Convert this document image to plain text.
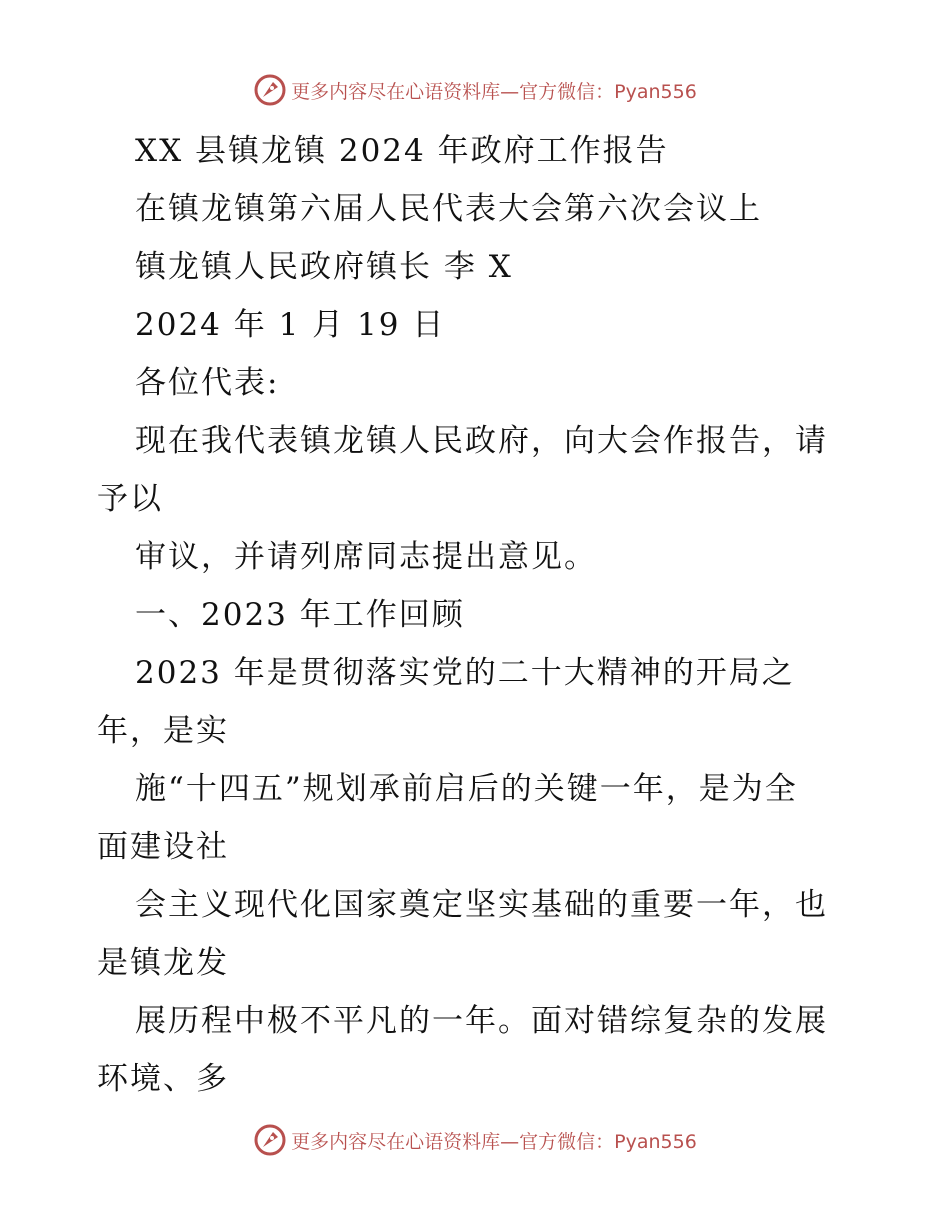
更多内容尽在心语资料库—官方微信：Pyan556
XX 县镇龙镇 2024 年政府工作报告
在镇龙镇第六届人民代表大会第六次会议上
镇龙镇人民政府镇长 李 X
2024 年 1 月 19 日
各位代表:
现在我代表镇龙镇人民政府，向大会作报告，请
予以
审议，并请列席同志提出意见。
一、2023 年工作回顾
2023 年是贯彻落实党的二十大精神的开局之
年，是实
施“十四五”规划承前启后的关键一年，是为全
面建设社
会主义现代化国家奠定坚实基础的重要一年，也
是镇龙发
展历程中极不平凡的一年。面对错综复杂的发展
环境、多
更多内容尽在心语资料库—官方微信：Pyan556
